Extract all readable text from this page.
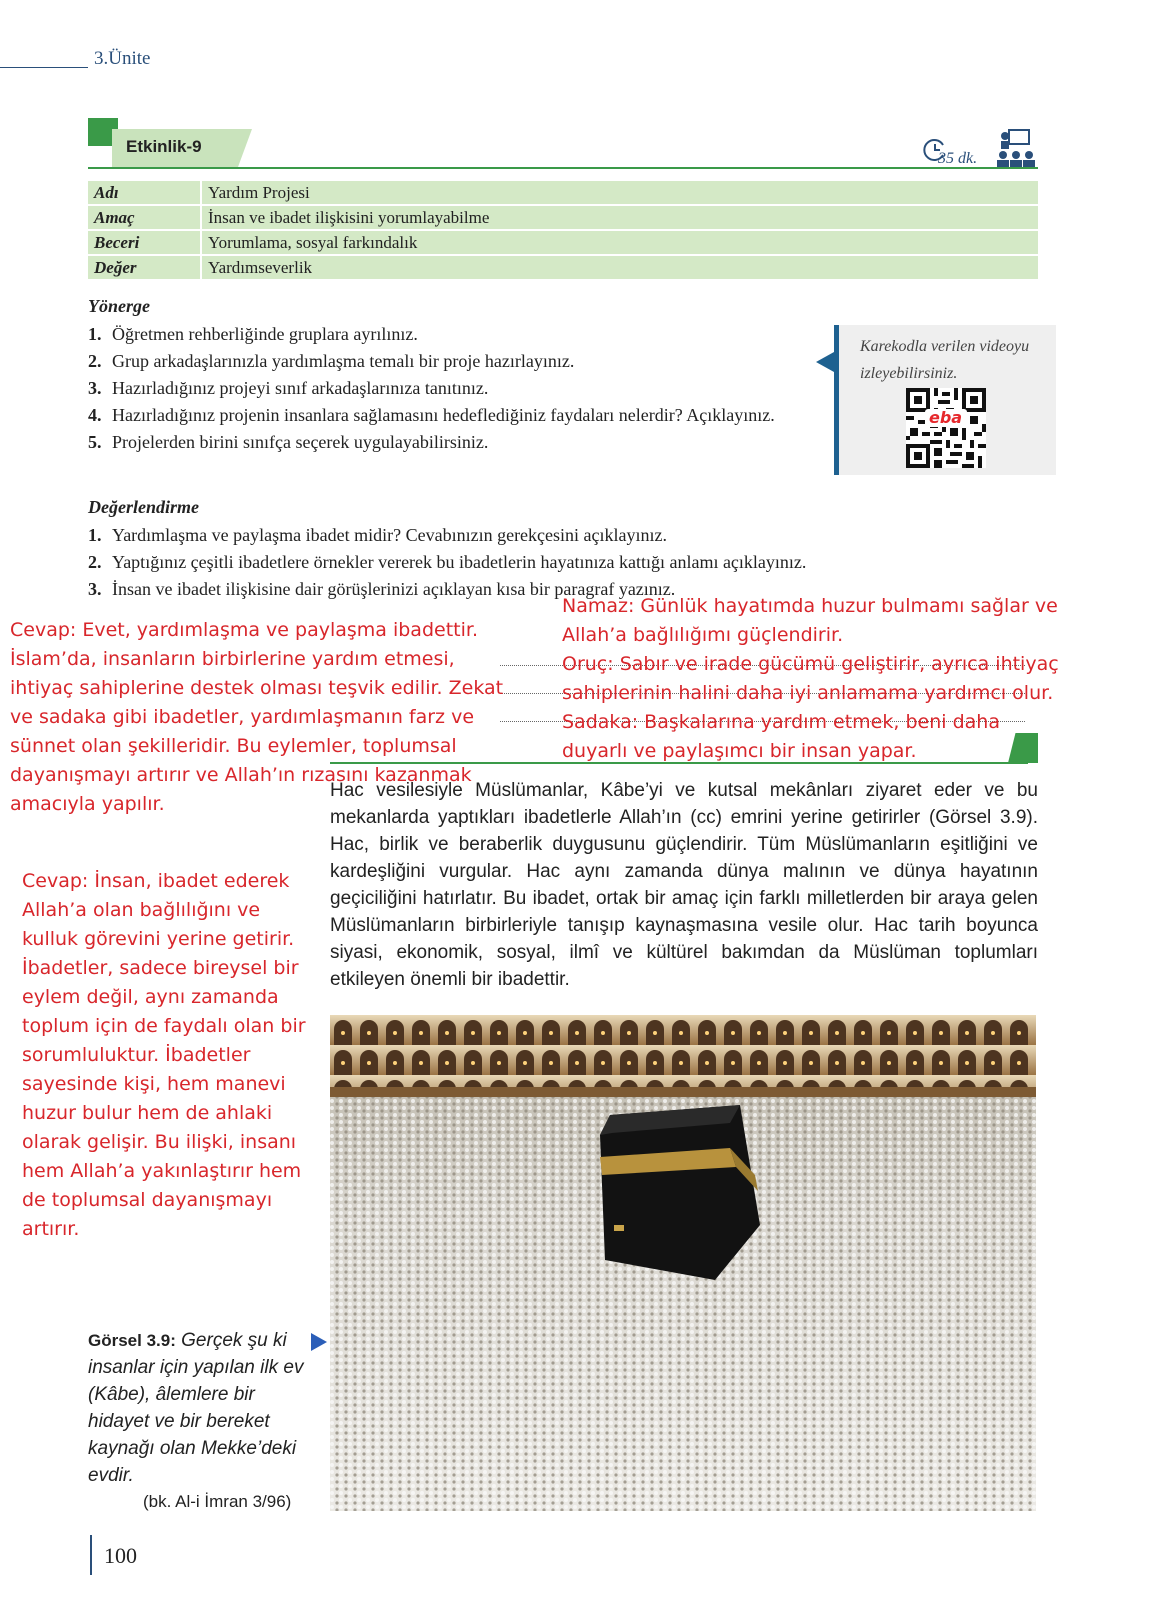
3.Ünite
Etkinlik-9
35 dk.
Adı	Yardım Projesi
Amaç	İnsan ve ibadet ilişkisini yorumlayabilme
Beceri	Yorumlama, sosyal farkındalık
Değer	Yardımseverlik
Yönerge
1. Öğretmen rehberliğinde gruplara ayrılınız.
2. Grup arkadaşlarınızla yardımlaşma temalı bir proje hazırlayınız.
3. Hazırladığınız projeyi sınıf arkadaşlarınıza tanıtınız.
4. Hazırladığınız projenin insanlara sağlamasını hedeflediğiniz faydaları nelerdir? Açıklayınız.
5. Projelerden birini sınıfça seçerek uygulayabilirsiniz.
Karekodla verilen videoyu izleyebilirsiniz.
eba
Değerlendirme
1. Yardımlaşma ve paylaşma ibadet midir? Cevabınızın gerekçesini açıklayınız.
2. Yaptığınız çeşitli ibadetlere örnekler vererek bu ibadetlerin hayatınıza kattığı anlamı açıklayınız.
3. İnsan ve ibadet ilişkisine dair görüşlerinizi açıklayan kısa bir paragraf yazınız.
Cevap: Evet, yardımlaşma ve paylaşma ibadettir.
İslam’da, insanların birbirlerine yardım etmesi,
ihtiyaç sahiplerine destek olması teşvik edilir. Zekat
ve sadaka gibi ibadetler, yardımlaşmanın farz ve
sünnet olan şekilleridir. Bu eylemler, toplumsal
dayanışmayı artırır ve Allah’ın rızasını kazanmak
amacıyla yapılır.
Namaz: Günlük hayatımda huzur bulmamı sağlar ve
Allah’a bağlılığımı güçlendirir.
Oruç: Sabır ve irade gücümü geliştirir, ayrıca ihtiyaç
sahiplerinin halini daha iyi anlamama yardımcı olur.
Sadaka: Başkalarına yardım etmek, beni daha
duyarlı ve paylaşımcı bir insan yapar.
Cevap: İnsan, ibadet ederek
Allah’a olan bağlılığını ve
kulluk görevini yerine getirir.
İbadetler, sadece bireysel bir
eylem değil, aynı zamanda
toplum için de faydalı olan bir
sorumluluktur. İbadetler
sayesinde kişi, hem manevi
huzur bulur hem de ahlaki
olarak gelişir. Bu ilişki, insanı
hem Allah’a yakınlaştırır hem
de toplumsal dayanışmayı
artırır.
Hac vesilesiyle Müslümanlar, Kâbe’yi ve kutsal mekânları ziyaret eder ve bu mekanlarda yaptıkları ibadetlerle Allah’ın (cc) emrini yerine getirirler (Görsel 3.9). Hac, birlik ve beraberlik duygusunu güçlendirir. Tüm Müslümanların eşitliğini ve kardeşliğini vurgular. Hac aynı zamanda dünya malının ve dünya hayatının geçiciliğini hatırlatır. Bu ibadet, ortak bir amaç için farklı milletlerden bir araya gelen Müslümanların birbirleriyle tanışıp kaynaşmasına vesile olur. Hac tarih boyunca siyasi, ekonomik, sosyal, ilmî ve kültürel bakımdan da Müslüman toplumları etkileyen önemli bir ibadettir.
Görsel 3.9: Gerçek şu ki insanlar için yapılan ilk ev (Kâbe), âlemlere bir hidayet ve bir bereket kaynağı olan Mekke’deki evdir.
(bk. Al-i İmran 3/96)
100
